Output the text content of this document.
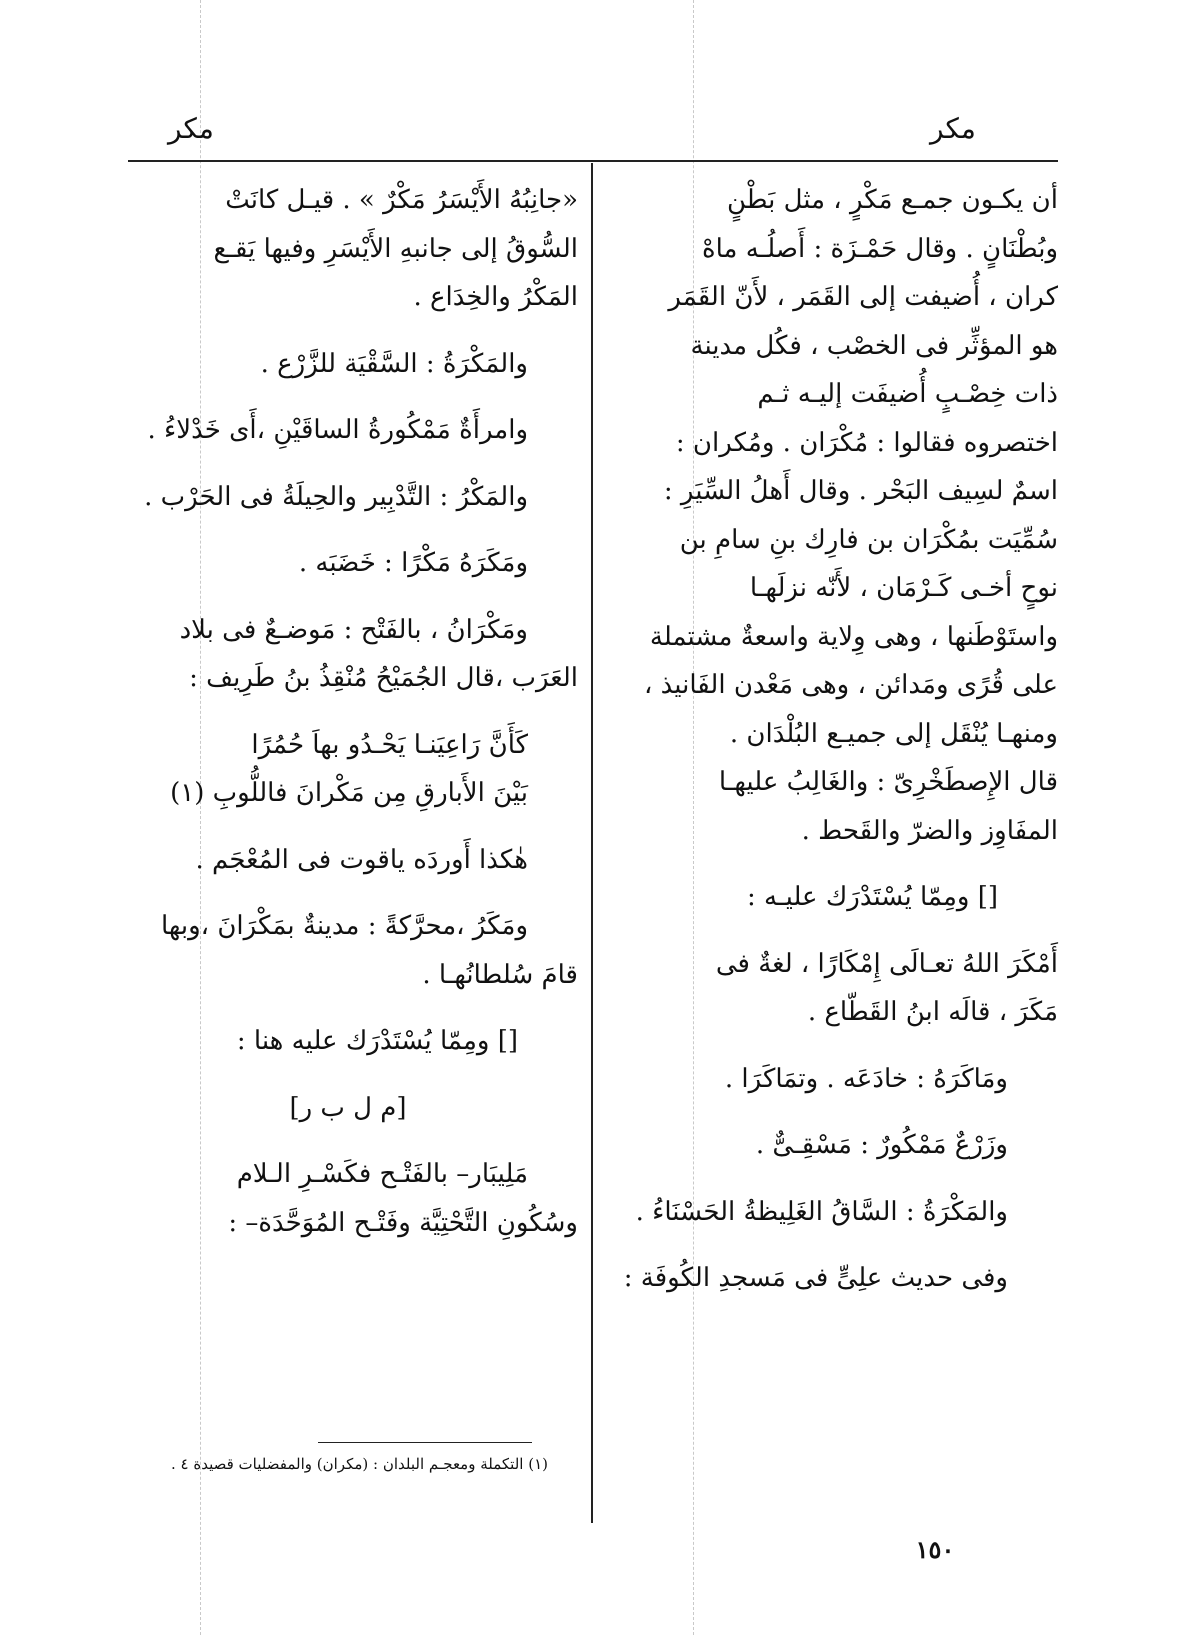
مكر
مكر

أن يكـون جمـع مَكْرٍ ، مثل بَطْنٍ

وبُطْنَانٍ . وقال حَمْـزَة : أَصلُـه ماهْ

كران ، أُضيفت إلى القَمَر ، لأَنّ القَمَر

هو المؤثِّر فى الخصْب ، فكُل مدينة

ذات خِصْـبٍ أُضيفَت إليـه ثـم

اختصروه فقالوا : مُكْرَان . ومُكران :

اسمٌ لسِيف البَحْر . وقال أَهلُ السِّيَرِ :

سُمِّيَت بمُكْرَان بن فارِك بنِ سامِ بن

نوحٍ أخـى كَـرْمَان ، لأَنّه نزلَهـا

واستَوْطَنها ، وهى وِلاية واسعةٌ مشتملة

على قُرًى ومَدائن ، وهى مَعْدن الفَانيذ ،

ومنهـا يُنْقَل إلى جميـع البُلْدَان .

قال الإِصطَخْرِىّ : والغَالِبُ عليهـا

المفَاوِز والضرّ والقَحط .

[] ومِمّا يُسْتَدْرَك عليـه :

أَمْكَرَ اللهُ تعـالَى إِمْكَارًا ، لغةٌ فى

مَكَرَ ، قالَه ابنُ القَطّاع .

ومَاكَرَهُ : خادَعَه . وتمَاكَرَا .

وزَرْعٌ مَمْكُورٌ : مَسْقِـىٌّ .

والمَكْرَةُ : السَّاقُ الغَلِيظةُ الحَسْنَاءُ .

وفى حديث علِىٍّ فى مَسجدِ الكُوفَة :

«جانِبُهُ الأَيْسَرُ مَكْرٌ » . قيـل كانَتْ

السُّوقُ إلى جانبهِ الأَيْسَرِ وفيها يَقـع

المَكْرُ والخِدَاع .

والمَكْرَةُ : السَّقْيَة للزَّرْع .

وامرأَةٌ مَمْكُورةُ الساقَيْنِ ،أَى خَدْلاءُ .

والمَكْرُ : التَّدْبِير والحِيلَةُ فى الحَرْب .

ومَكَرَهُ مَكْرًا : خَضَبَه .

ومَكْرَانُ ، بالفَتْح : مَوضـعٌ فى بلاد

العَرَب ،قال الجُمَيْحُ مُنْقِذُ بنُ طَرِيف :

كَأَنَّ رَاعِيَنـا يَحْـدُو بهاَ حُمُرًا

بَيْنَ الأَبارقِ مِن مَكْرانَ فاللُّوبِ (١)

هٰكذا أَوردَه ياقوت فى المُعْجَم .

ومَكَرُ ،محرَّكةً : مدينةٌ بمَكْرَانَ ،وبها

قامَ سُلطانُهـا .

[] ومِمّا يُسْتَدْرَك عليه هنا :

[م ل ب ر]

مَلِيبَار– بالفَتْـح فكَسْـرِ الـلام

وسُكُونِ التَّحْتِيَّة وفَتْـح المُوَحَّدَة– :

(١) التكملة ومعجـم البلدان : (مكران) والمفضليات قصيدة ٤ .
١٥٠
